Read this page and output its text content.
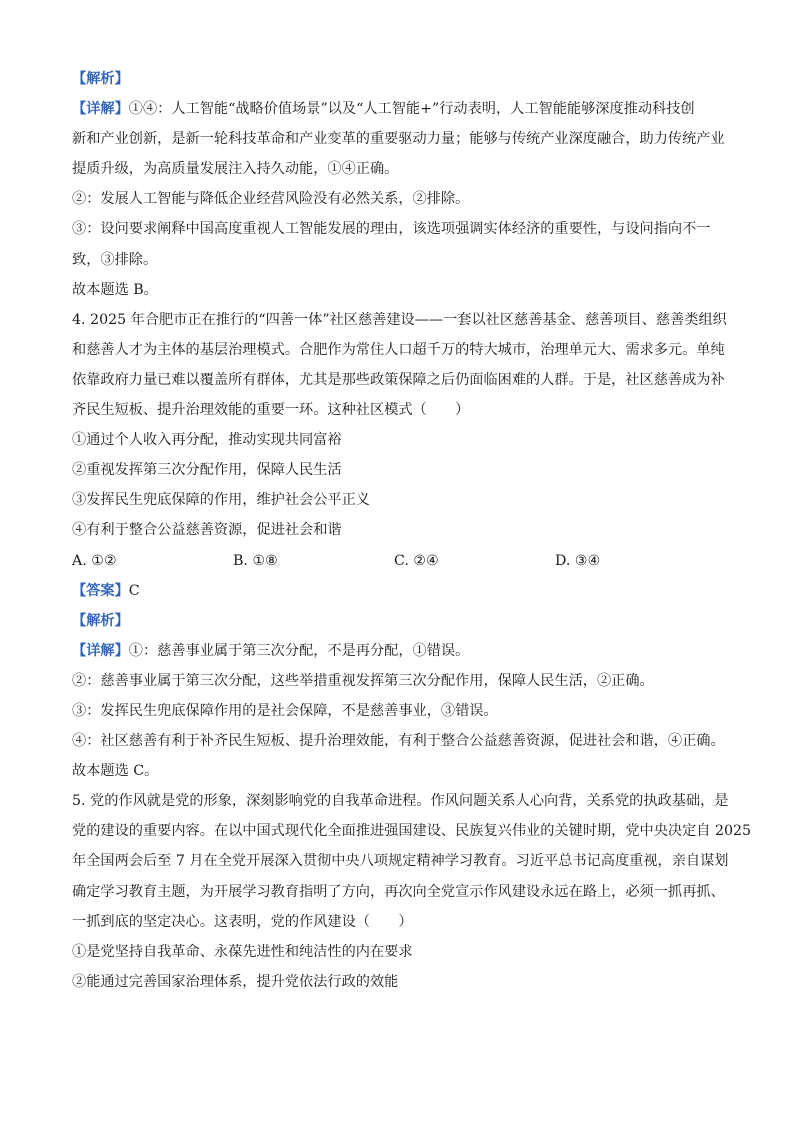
【解析】
【详解】①④：人工智能“战略价值场景”以及“人工智能+”行动表明，人工智能能够深度推动科技创
新和产业创新，是新一轮科技革命和产业变革的重要驱动力量；能够与传统产业深度融合，助力传统产业
提质升级，为高质量发展注入持久动能，①④正确。
②：发展人工智能与降低企业经营风险没有必然关系，②排除。
③：设问要求阐释中国高度重视人工智能发展的理由，该选项强调实体经济的重要性，与设问指向不一
致，③排除。
故本题选 B。
4. 2025 年合肥市正在推行的“四善一体”社区慈善建设——一套以社区慈善基金、慈善项目、慈善类组织
和慈善人才为主体的基层治理模式。合肥作为常住人口超千万的特大城市，治理单元大、需求多元。单纯
依靠政府力量已难以覆盖所有群体，尤其是那些政策保障之后仍面临困难的人群。于是，社区慈善成为补
齐民生短板、提升治理效能的重要一环。这种社区模式（　　）
①通过个人收入再分配，推动实现共同富裕
②重视发挥第三次分配作用，保障人民生活
③发挥民生兜底保障的作用，维护社会公平正义
④有利于整合公益慈善资源，促进社会和谐
A. ①②	B. ①⑧	C. ②④	D. ③④
【答案】C
【解析】
【详解】①：慈善事业属于第三次分配，不是再分配，①错误。
②：慈善事业属于第三次分配，这些举措重视发挥第三次分配作用，保障人民生活，②正确。
③：发挥民生兜底保障作用的是社会保障，不是慈善事业，③错误。
④：社区慈善有利于补齐民生短板、提升治理效能，有利于整合公益慈善资源，促进社会和谐，④正确。
故本题选 C。
5. 党的作风就是党的形象，深刻影响党的自我革命进程。作风问题关系人心向背，关系党的执政基础，是
党的建设的重要内容。在以中国式现代化全面推进强国建设、民族复兴伟业的关键时期，党中央决定自 2025
年全国两会后至 7 月在全党开展深入贯彻中央八项规定精神学习教育。习近平总书记高度重视，亲自谋划
确定学习教育主题，为开展学习教育指明了方向，再次向全党宣示作风建设永远在路上，必须一抓再抓、
一抓到底的坚定决心。这表明，党的作风建设（　　）
①是党坚持自我革命、永葆先进性和纯洁性的内在要求
②能通过完善国家治理体系，提升党依法行政的效能
